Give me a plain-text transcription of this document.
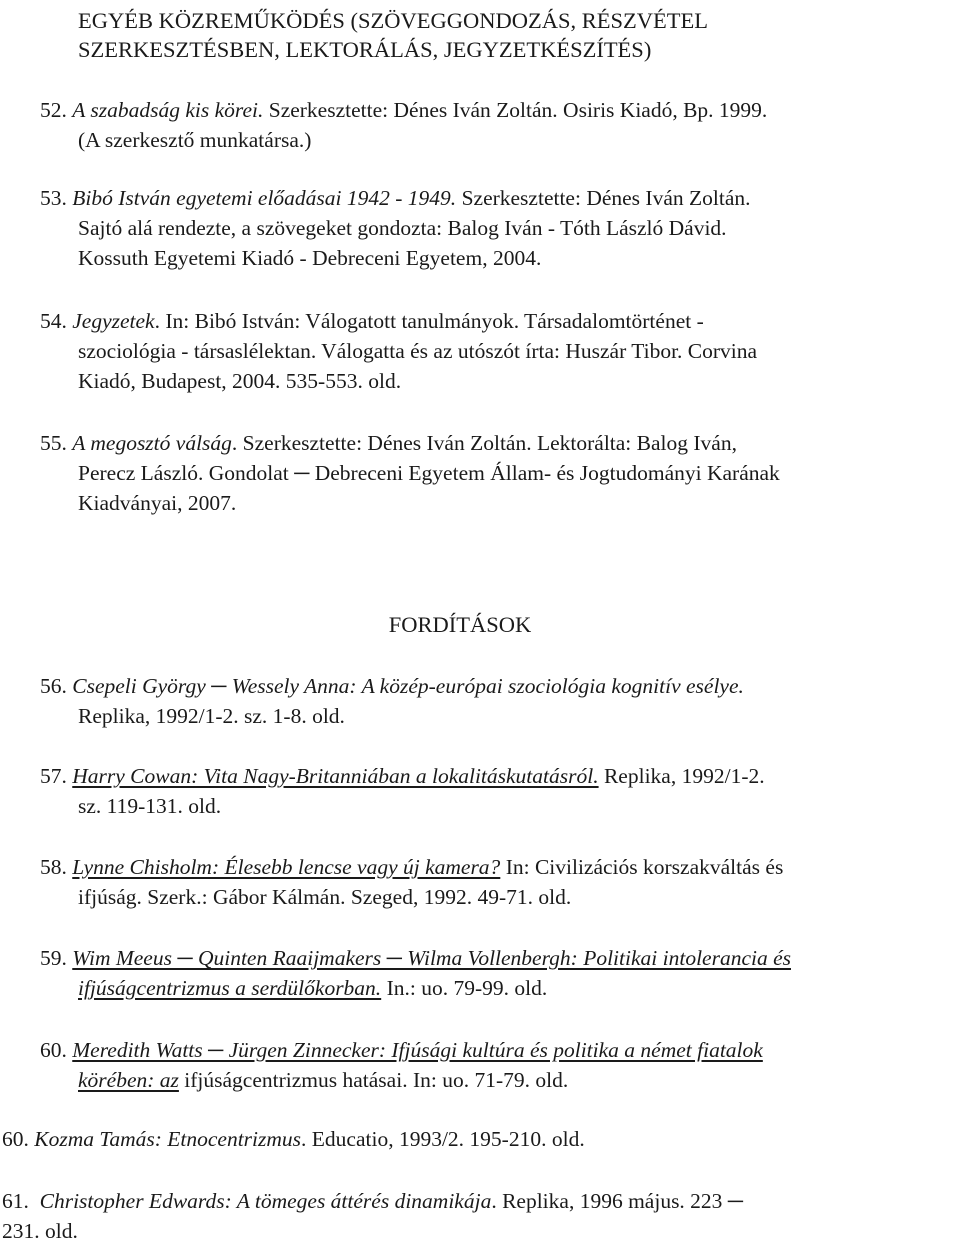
EGYÉB KÖZREMŰKÖDÉS (SZÖVEGGONDOZÁS, RÉSZVÉTEL
SZERKESZTÉSBEN, LEKTORÁLÁS, JEGYZETKÉSZÍTÉS)
52. A szabadság kis körei. Szerkesztette: Dénes Iván Zoltán. Osiris Kiadó, Bp. 1999.
(A szerkesztő munkatársa.)
53. Bibó István egyetemi előadásai 1942 - 1949. Szerkesztette: Dénes Iván Zoltán.
Sajtó alá rendezte, a szövegeket gondozta: Balog Iván - Tóth László Dávid.
Kossuth Egyetemi Kiadó - Debreceni Egyetem, 2004.
54. Jegyzetek. In: Bibó István: Válogatott tanulmányok. Társadalomtörténet -
szociológia - társaslélektan. Válogatta és az utószót írta: Huszár Tibor. Corvina
Kiadó, Budapest, 2004. 535-553. old.
55. A megosztó válság. Szerkesztette: Dénes Iván Zoltán. Lektorálta: Balog Iván,
Perecz László. Gondolat ─ Debreceni Egyetem Állam- és Jogtudományi Karának
Kiadványai, 2007.
FORDÍTÁSOK
56. Csepeli György ─ Wessely Anna: A közép-európai szociológia kognitív esélye.
Replika, 1992/1-2. sz. 1-8. old.
57. Harry Cowan: Vita Nagy-Britanniában a lokalitáskutatásról. Replika, 1992/1-2.
sz. 119-131. old.
58. Lynne Chisholm: Élesebb lencse vagy új kamera? In: Civilizációs korszakváltás és
ifjúság. Szerk.: Gábor Kálmán. Szeged, 1992. 49-71. old.
59. Wim Meeus ─ Quinten Raaijmakers ─ Wilma Vollenbergh: Politikai intolerancia és
ifjúságcentrizmus a serdülőkorban. In.: uo. 79-99. old.
60. Meredith Watts ─ Jürgen Zinnecker: Ifjúsági kultúra és politika a német fiatalok
körében: az ifjúságcentrizmus hatásai. In: uo. 71-79. old.
60. Kozma Tamás: Etnocentrizmus. Educatio, 1993/2. 195-210. old.
61. Christopher Edwards: A tömeges áttérés dinamikája. Replika, 1996 május. 223 ─
231. old.
